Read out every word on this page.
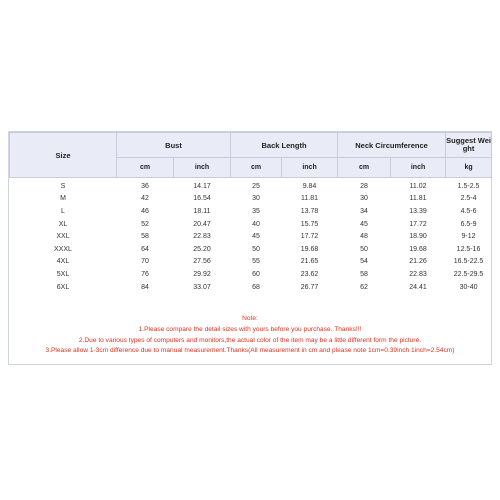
Size	Bust		Back Length		Neck Circumference		Suggest Wei ght
	cm	inch	cm	inch	cm	inch	kg
S	36	14.17	25	9.84	28	11.02	1.5-2.5
M	42	16.54	30	11.81	30	11.81	2.5-4
L	46	18.11	35	13.78	34	13.39	4.5-6
XL	52	20.47	40	15.75	45	17.72	6.5-9
XXL	58	22.83	45	17.72	48	18.90	9-12
XXXL	64	25.20	50	19.68	50	19.68	12.5-16
4XL	70	27.56	55	21.65	54	21.26	16.5-22.5
5XL	76	29.92	60	23.62	58	22.83	22.5-29.5
6XL	84	33.07	68	26.77	62	24.41	30-40
Note:
1.Please compare the detail sizes with yours before you purchase. Thanks!!!
2.Due to various types of computers and monitors,the actual color of the item may be a little different form the picture.
3.Please allow 1-3cm difference due to manual measurement.Thanks(All measurement in cm and please note 1cm=0.39inch 1inch=2.54cm)
